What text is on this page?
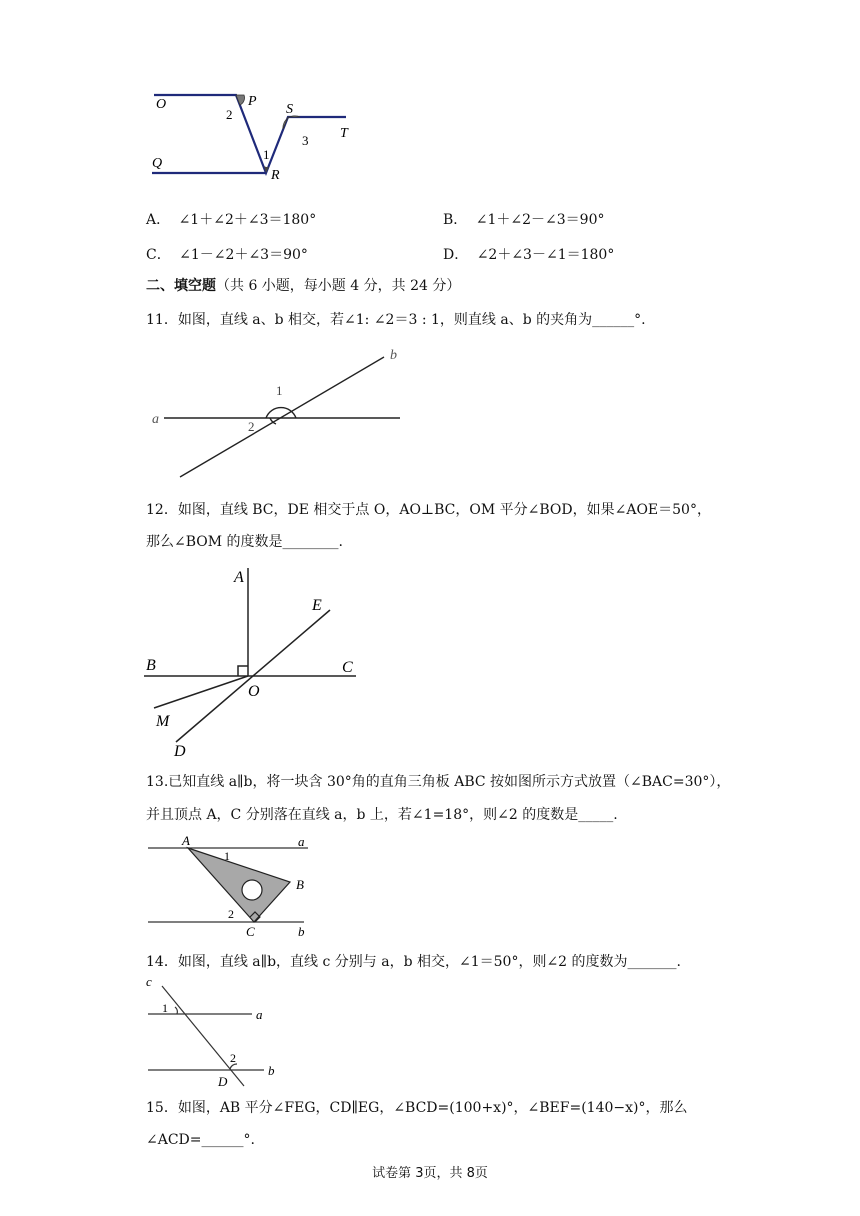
O	P
S
T
Q
R
1
2
3
A． ∠1＋∠2＋∠3＝180°	B． ∠1＋∠2－∠3＝90°
C． ∠1－∠2＋∠3＝90°	D． ∠2＋∠3－∠1＝180°
二、填空题（共 6 小题，每小题 4 分，共 24 分）
11．如图，直线 a、b 相交，若∠1: ∠2＝3 : 1，则直线 a、b 的夹角为______°.
a
b
1
2
12．如图，直线 BC，DE 相交于点 O，AO⊥BC，OM 平分∠BOD，如果∠AOE＝50°，
那么∠BOM 的度数是________.
A
E
B	C
O
M
D
13.已知直线 a∥b，将一块含 30°角的直角三角板 ABC 按如图所示方式放置（∠BAC=30°），
并且顶点 A，C 分别落在直线 a，b 上，若∠1=18°，则∠2 的度数是_____.
A	a
1
B
2
C	b
14．如图，直线 a∥b，直线 c 分别与 a，b 相交，∠1＝50°，则∠2 的度数为_______.
c
1	a
2
D
b
15．如图，AB 平分∠FEG，CD∥EG，∠BCD=(100+x)°，∠BEF=(140−x)°，那么
∠ACD=______°.
试卷第 3页，共 8页
